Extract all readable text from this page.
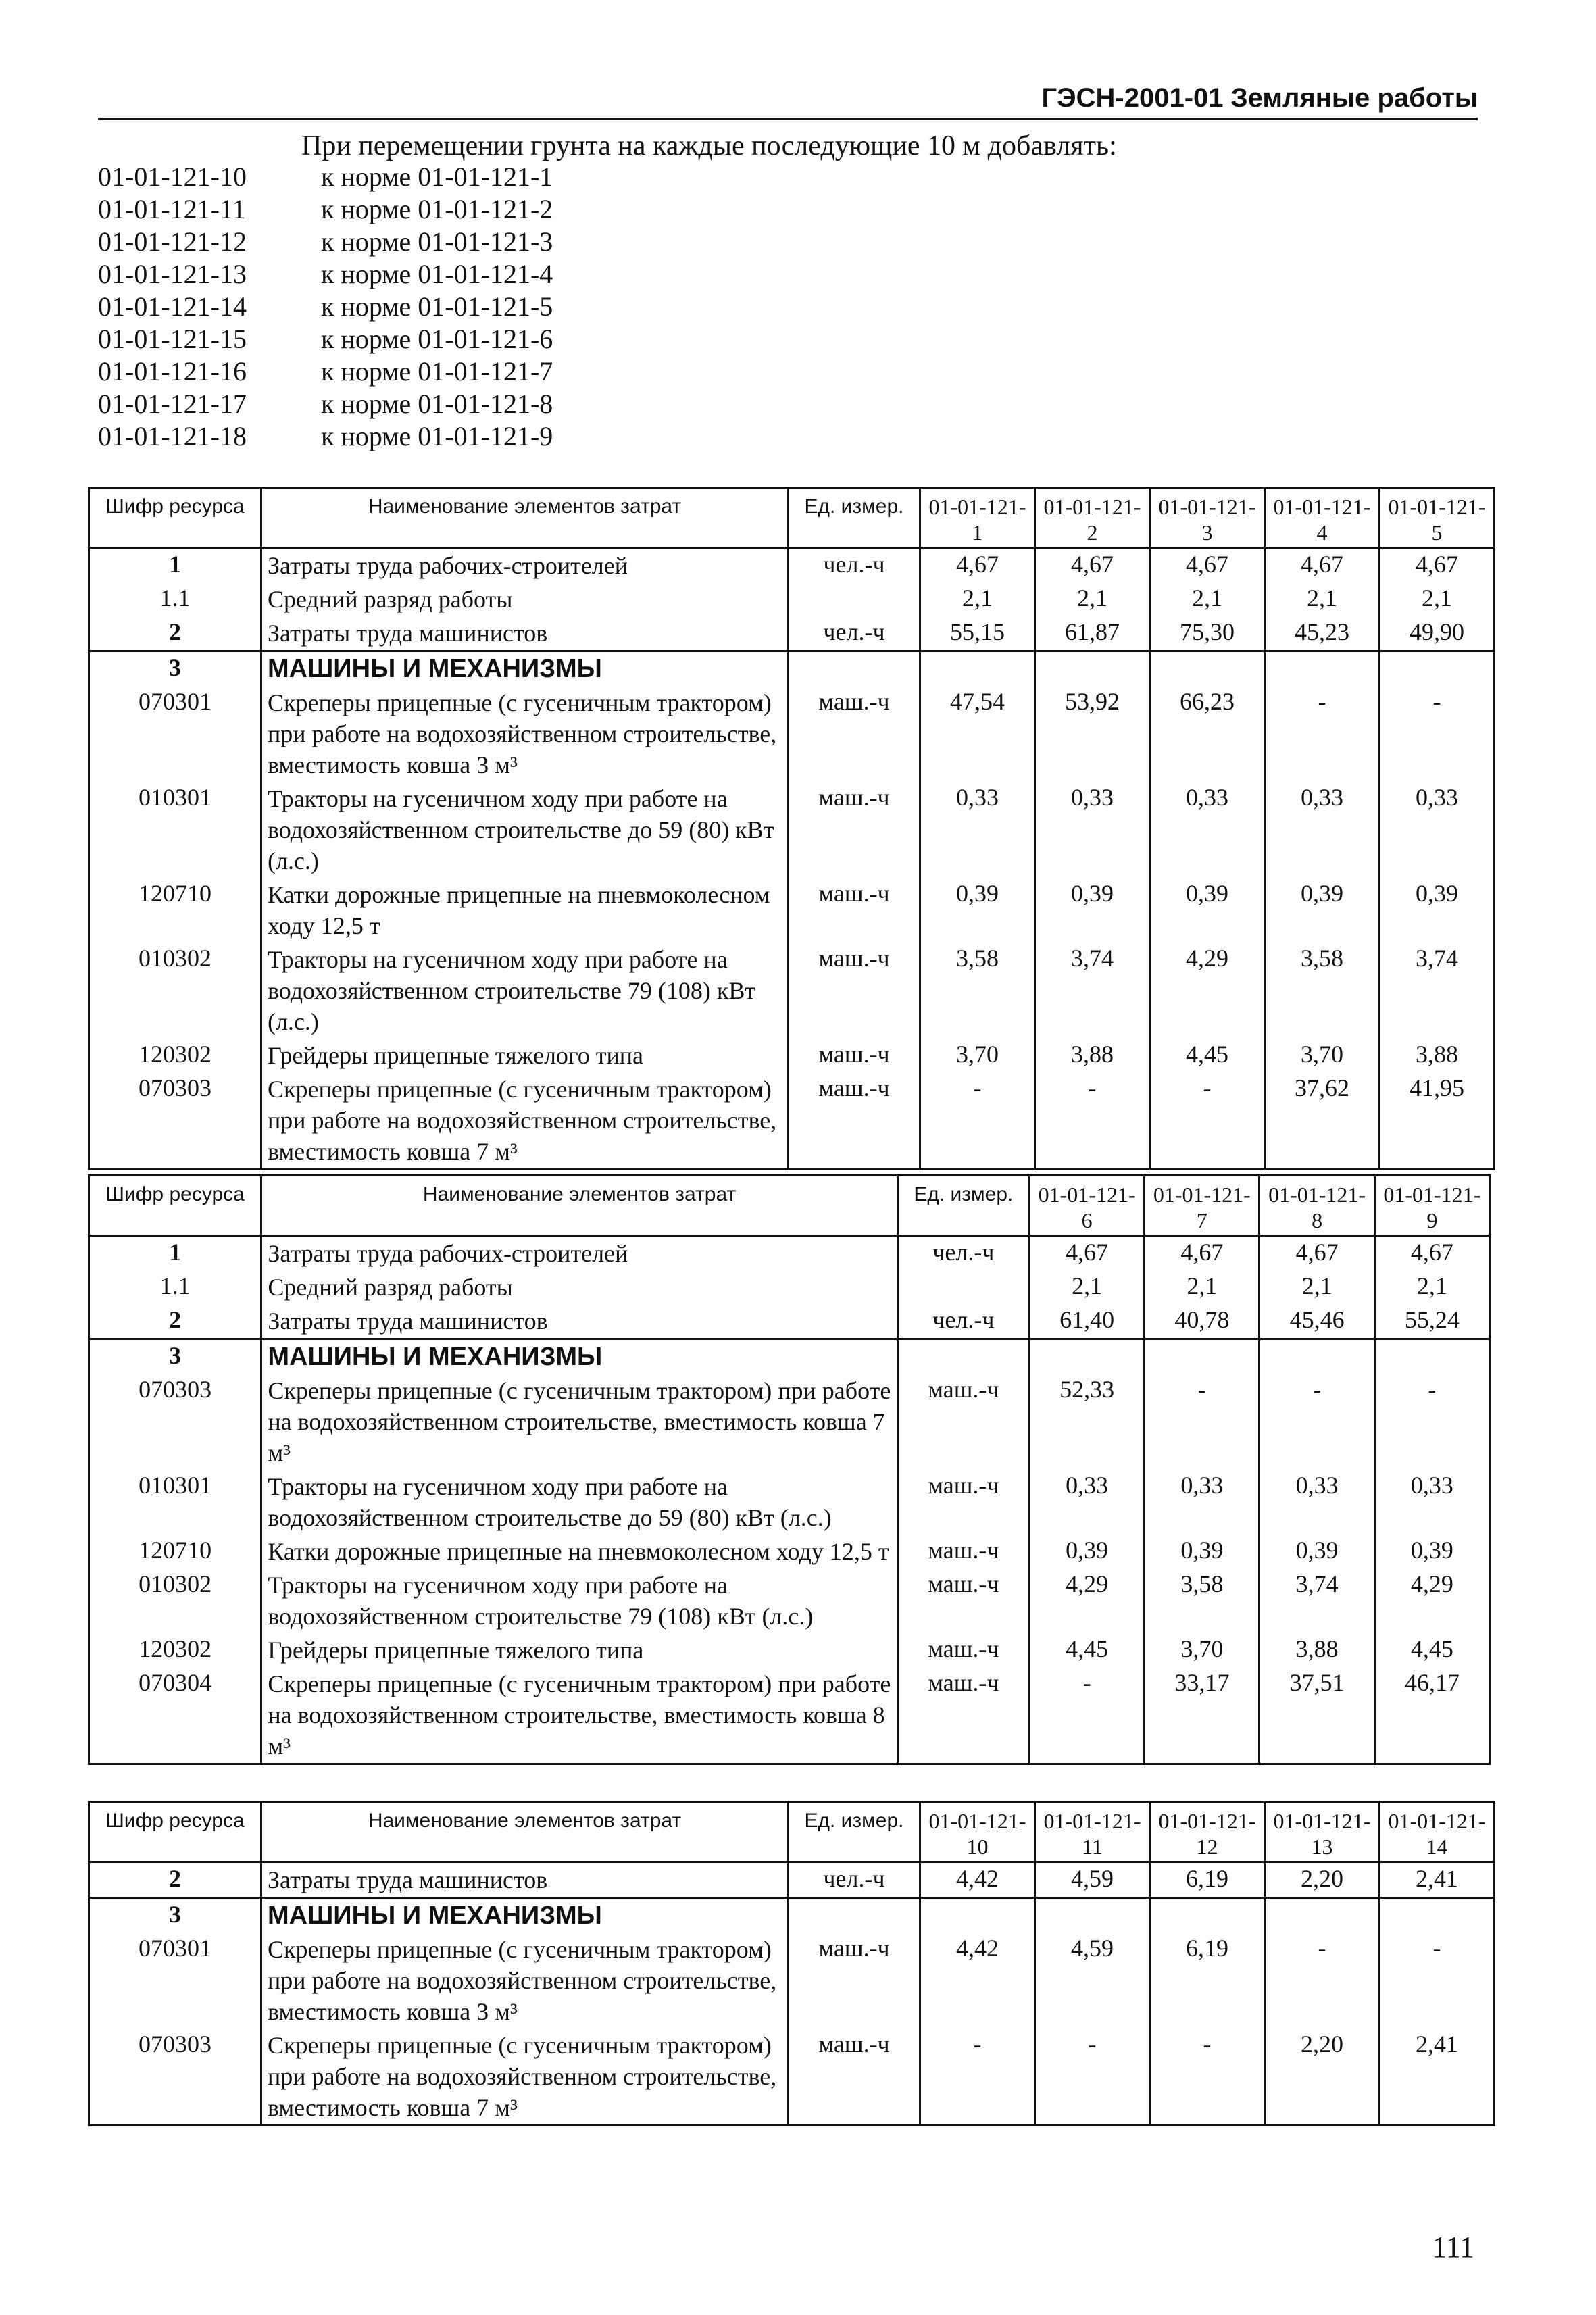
ГЭСН-2001-01 Земляные работы
При перемещении грунта на каждые последующие 10 м добавлять:
01-01-121-10	к норме 01-01-121-1
01-01-121-11	к норме 01-01-121-2
01-01-121-12	к норме 01-01-121-3
01-01-121-13	к норме 01-01-121-4
01-01-121-14	к норме 01-01-121-5
01-01-121-15	к норме 01-01-121-6
01-01-121-16	к норме 01-01-121-7
01-01-121-17	к норме 01-01-121-8
01-01-121-18	к норме 01-01-121-9
Шифр ресурса	Наименование элементов затрат	Ед. измер.	01-01-121-1	01-01-121-2	01-01-121-3	01-01-121-4	01-01-121-5
1	Затраты труда рабочих-строителей	чел.-ч	4,67	4,67	4,67	4,67	4,67
1.1	Средний разряд работы		2,1	2,1	2,1	2,1	2,1
2	Затраты труда машинистов	чел.-ч	55,15	61,87	75,30	45,23	49,90
3	МАШИНЫ И МЕХАНИЗМЫ						
070301	Скреперы прицепные (с гусеничным трактором) при работе на водохозяйственном строительстве, вместимость ковша 3 м³	маш.-ч	47,54	53,92	66,23	-	-
010301	Тракторы на гусеничном ходу при работе на водохозяйственном строительстве до 59 (80) кВт (л.с.)	маш.-ч	0,33	0,33	0,33	0,33	0,33
120710	Катки дорожные прицепные на пневмоколесном ходу 12,5 т	маш.-ч	0,39	0,39	0,39	0,39	0,39
010302	Тракторы на гусеничном ходу при работе на водохозяйственном строительстве 79 (108) кВт (л.с.)	маш.-ч	3,58	3,74	4,29	3,58	3,74
120302	Грейдеры прицепные тяжелого типа	маш.-ч	3,70	3,88	4,45	3,70	3,88
070303	Скреперы прицепные (с гусеничным трактором) при работе на водохозяйственном строительстве, вместимость ковша 7 м³	маш.-ч	-	-	-	37,62	41,95
Шифр ресурса	Наименование элементов затрат	Ед. измер.	01-01-121-6	01-01-121-7	01-01-121-8	01-01-121-9
1	Затраты труда рабочих-строителей	чел.-ч	4,67	4,67	4,67	4,67
1.1	Средний разряд работы		2,1	2,1	2,1	2,1
2	Затраты труда машинистов	чел.-ч	61,40	40,78	45,46	55,24
3	МАШИНЫ И МЕХАНИЗМЫ					
070303	Скреперы прицепные (с гусеничным трактором) при работе на водохозяйственном строительстве, вместимость ковша 7 м³	маш.-ч	52,33	-	-	-
010301	Тракторы на гусеничном ходу при работе на водохозяйственном строительстве до 59 (80) кВт (л.с.)	маш.-ч	0,33	0,33	0,33	0,33
120710	Катки дорожные прицепные на пневмоколесном ходу 12,5 т	маш.-ч	0,39	0,39	0,39	0,39
010302	Тракторы на гусеничном ходу при работе на водохозяйственном строительстве 79 (108) кВт (л.с.)	маш.-ч	4,29	3,58	3,74	4,29
120302	Грейдеры прицепные тяжелого типа	маш.-ч	4,45	3,70	3,88	4,45
070304	Скреперы прицепные (с гусеничным трактором) при работе на водохозяйственном строительстве, вместимость ковша 8 м³	маш.-ч	-	33,17	37,51	46,17
Шифр ресурса	Наименование элементов затрат	Ед. измер.	01-01-121-10	01-01-121-11	01-01-121-12	01-01-121-13	01-01-121-14
2	Затраты труда машинистов	чел.-ч	4,42	4,59	6,19	2,20	2,41
3	МАШИНЫ И МЕХАНИЗМЫ						
070301	Скреперы прицепные (с гусеничным трактором) при работе на водохозяйственном строительстве, вместимость ковша 3 м³	маш.-ч	4,42	4,59	6,19	-	-
070303	Скреперы прицепные (с гусеничным трактором) при работе на водохозяйственном строительстве, вместимость ковша 7 м³	маш.-ч	-	-	-	2,20	2,41
111
